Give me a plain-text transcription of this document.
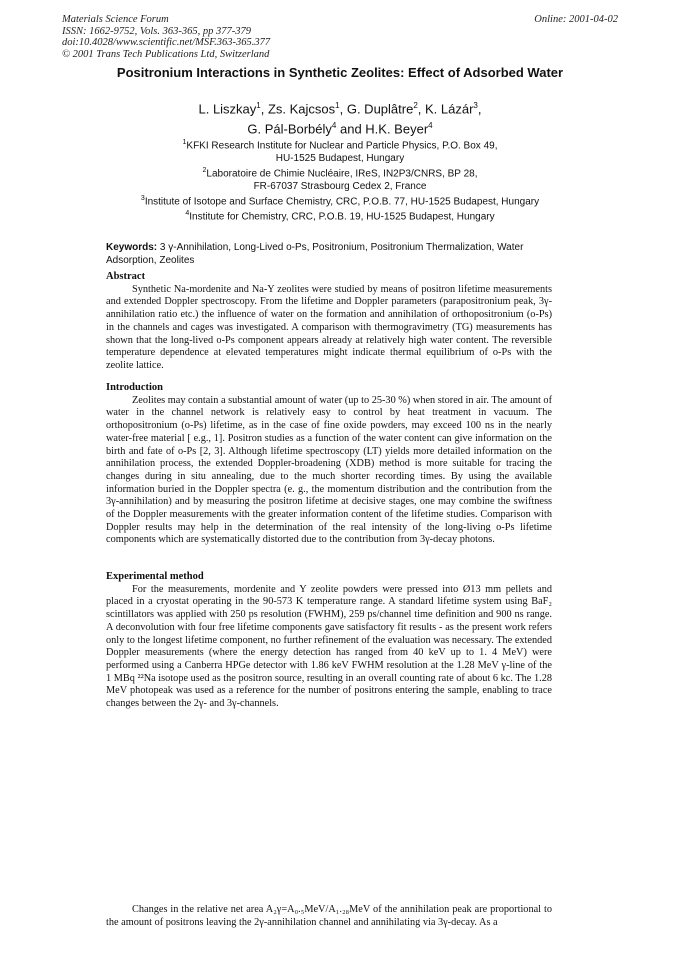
Materials Science Forum
ISSN: 1662-9752, Vols. 363-365, pp 377-379
doi:10.4028/www.scientific.net/MSF.363-365.377
© 2001 Trans Tech Publications Ltd, Switzerland
Online: 2001-04-02
Positronium Interactions in Synthetic Zeolites: Effect of Adsorbed Water
L. Liszkay$^1$, Zs. Kajcsos$^1$, G. Duplâtre$^2$, K. Lázár$^3$,
G. Pál-Borbély$^4$ and H.K. Beyer$^4$
$^1$KFKI Research Institute for Nuclear and Particle Physics, P.O. Box 49,
HU-1525 Budapest, Hungary
$^2$Laboratoire de Chimie Nucléaire, IReS, IN2P3/CNRS, BP 28,
FR-67037 Strasbourg Cedex 2, France
$^3$Institute of Isotope and Surface Chemistry, CRC, P.O.B. 77, HU-1525 Budapest, Hungary
$^4$Institute for Chemistry, CRC, P.O.B. 19, HU-1525 Budapest, Hungary
Keywords: 3 γ-Annihilation, Long-Lived o-Ps, Positronium, Positronium Thermalization, Water Adsorption, Zeolites
Abstract

Synthetic Na-mordenite and Na-Y zeolites were studied by means of positron lifetime measurements and extended Doppler spectroscopy. From the lifetime and Doppler parameters (parapositronium peak, 3γ-annihilation ratio etc.) the influence of water on the formation and annihilation of orthopositronium (o-Ps) in the channels and cages was investigated. A comparison with thermogravimetry (TG) measurements has shown that the long-lived o-Ps component appears already at relatively high water content. The reversible temperature dependence at elevated temperatures might indicate thermal equilibrium of o-Ps with the zeolite lattice.

Introduction

Zeolites may contain a substantial amount of water (up to 25-30 %) when stored in air. The amount of water in the channel network is relatively easy to control by heat treatment in vacuum. The orthopositronium (o-Ps) lifetime, as in the case of fine oxide powders, may exceed 100 ns in the nearly water-free material [ e.g., 1]. Positron studies as a function of the water content can give information on the birth and fate of o-Ps [2, 3]. Although lifetime spectroscopy (LT) yields more detailed information on the annihilation process, the extended Doppler-broadening (XDB) method is more suitable for tracing the changes during in situ annealing, due to the much shorter recording times. By using the available information buried in the Doppler spectra (e. g., the momentum distribution and the contribution from the 3γ-annihilation) and by measuring the positron lifetime at decisive stages, one may combine the swiftness of the Doppler measurements with the greater information content of the lifetime studies. Comparison with Doppler results may help in the determination of the real intensity of the long-living o-Ps lifetime components which are systematically distorted due to the contribution from 3γ-decay photons.

Experimental method

For the measurements, mordenite and Y zeolite powders were pressed into Ø13 mm pellets and placed in a cryostat operating in the 90-573 K temperature range. A standard lifetime system using BaF₂ scintillators was applied with 250 ps resolution (FWHM), 259 ps/channel time definition and 900 ns range. A deconvolution with four free lifetime components gave satisfactory fit results - as the present work refers only to the longest lifetime component, no further refinement of the evaluation was necessary. The extended Doppler measurements (where the energy detection has ranged from 40 keV up to 1. 4 MeV) were performed using a Canberra HPGe detector with 1.86 keV FWHM resolution at the 1.28 MeV γ-line of the 1 MBq ²²Na isotope used as the positron source, resulting in an overall counting rate of about 6 kc. The 1.28 MeV photopeak was used as a reference for the number of positrons entering the sample, enabling to trace changes between the 2γ- and 3γ-channels.

Changes in the relative net area A₂γ=A₀.₅MeV/A₁.₂₈MeV of the annihilation peak are proportional to the amount of positrons leaving the 2γ-annihilation channel and annihilating via 3γ-decay. As a
